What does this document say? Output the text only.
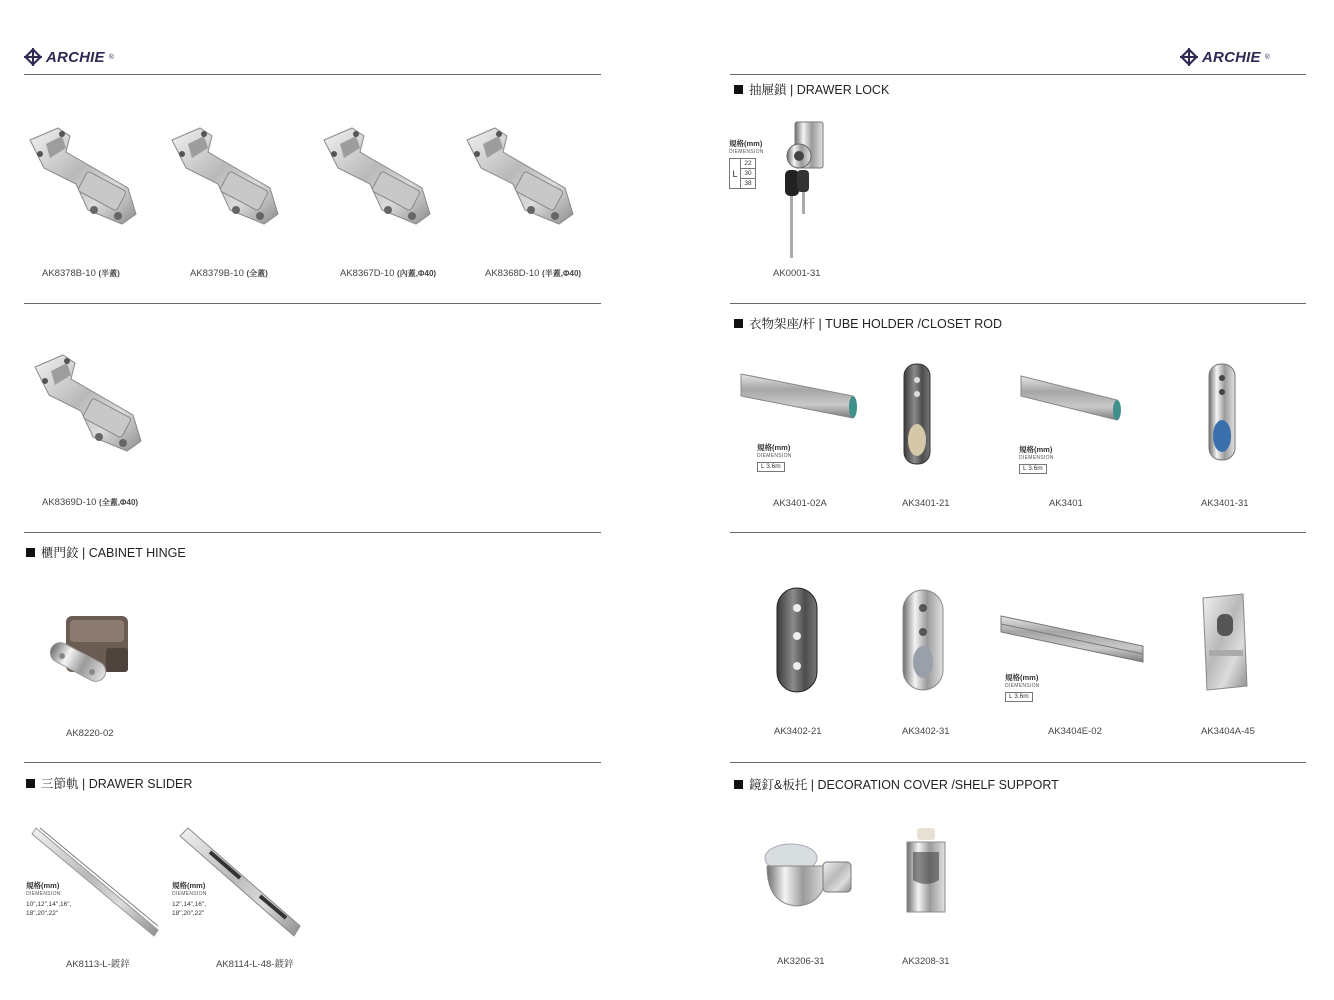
ARCHIE ®
AK8378B-10 (半蓋)	AK8379B-10 (全蓋)	AK8367D-10 (內蓋,Φ40)	AK8368D-10 (半蓋,Φ40)
AK8369D-10 (全蓋,Φ40)
櫃門鉸 | CABINET HINGE
AK8220-02
三節軌 | DRAWER SLIDER
規格(mm)
DIEMENSION
10",12",14",16",
18",20",22"
AK8113-L-鍍鋅
規格(mm)
DIEMENSION
12",14",16",
18",20",22"
AK8114-L-48-鍍鋅
ARCHIE ®
抽屜鎖 | DRAWER LOCK
規格(mm)
DIEMENSION
L
22
30
38
AK0001-31
衣物架座/杆 | TUBE HOLDER /CLOSET ROD
規格(mm)
DIEMENSION
L 3.6m
AK3401-02A	AK3401-21
規格(mm)
DIEMENSION
L 3.6m
AK3401	AK3401-31
AK3402-21	AK3402-31
規格(mm)
DIEMENSION
L 3.6m
AK3404E-02	AK3404A-45
鏡釘&板托 | DECORATION COVER /SHELF SUPPORT
AK3206-31	AK3208-31
